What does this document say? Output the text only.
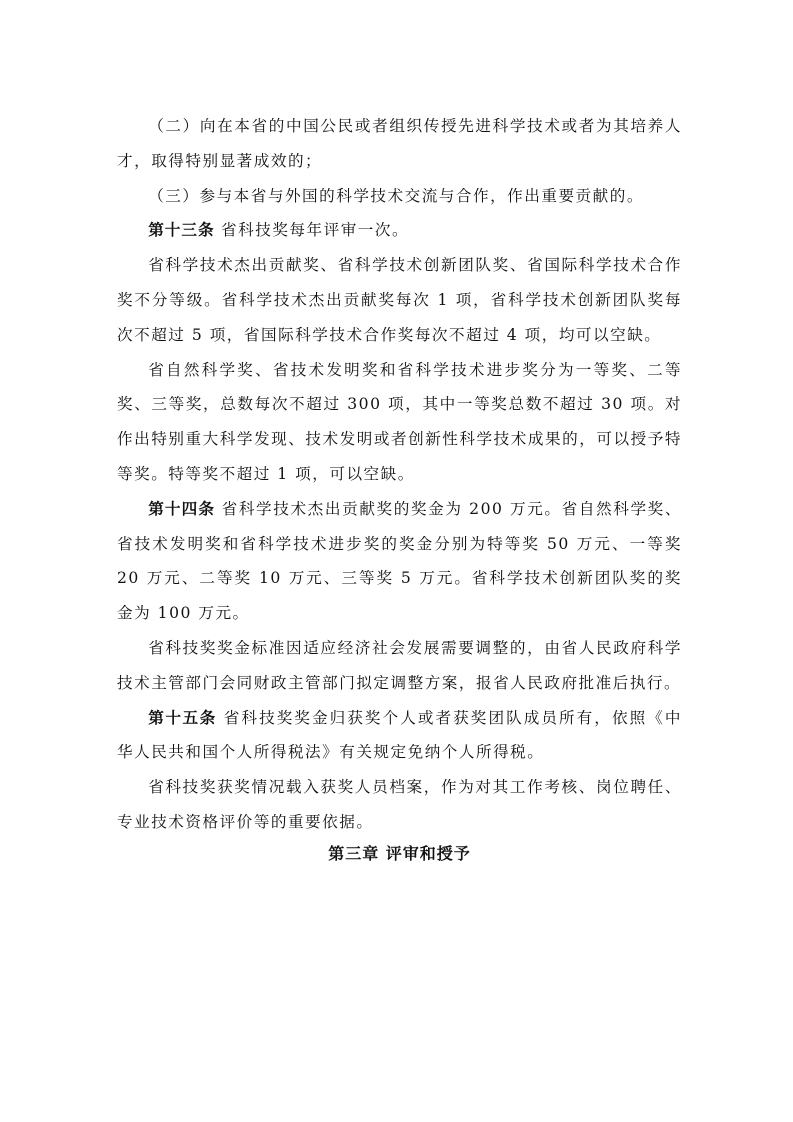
（二）向在本省的中国公民或者组织传授先进科学技术或者为其培养人才，取得特别显著成效的；

（三）参与本省与外国的科学技术交流与合作，作出重要贡献的。

第十三条 省科技奖每年评审一次。

省科学技术杰出贡献奖、省科学技术创新团队奖、省国际科学技术合作奖不分等级。省科学技术杰出贡献奖每次 1 项，省科学技术创新团队奖每次不超过 5 项，省国际科学技术合作奖每次不超过 4 项，均可以空缺。

省自然科学奖、省技术发明奖和省科学技术进步奖分为一等奖、二等奖、三等奖，总数每次不超过 300 项，其中一等奖总数不超过 30 项。对作出特别重大科学发现、技术发明或者创新性科学技术成果的，可以授予特等奖。特等奖不超过 1 项，可以空缺。

第十四条 省科学技术杰出贡献奖的奖金为 200 万元。省自然科学奖、省技术发明奖和省科学技术进步奖的奖金分别为特等奖 50 万元、一等奖 20 万元、二等奖 10 万元、三等奖 5 万元。省科学技术创新团队奖的奖金为 100 万元。

省科技奖奖金标准因适应经济社会发展需要调整的，由省人民政府科学技术主管部门会同财政主管部门拟定调整方案，报省人民政府批准后执行。

第十五条 省科技奖奖金归获奖个人或者获奖团队成员所有，依照《中华人民共和国个人所得税法》有关规定免纳个人所得税。

省科技奖获奖情况载入获奖人员档案，作为对其工作考核、岗位聘任、专业技术资格评价等的重要依据。

第三章 评审和授予
